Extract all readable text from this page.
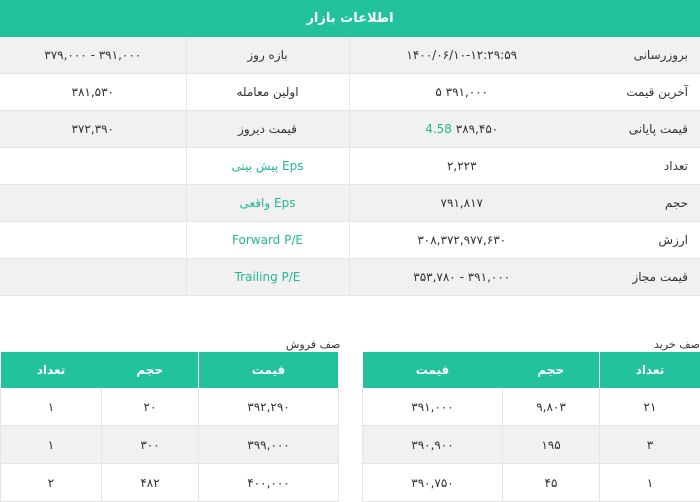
اطلاعات بازار
۳۹۱,۰۰۰ - ۳۷۹,۰۰۰	بازه روز	۱۴۰۰/۰۶/۱۰-۱۲:۲۹:۵۹	بروزرسانی
۳۸۱,۵۳۰	اولین معامله	۳۹۱,۰۰۰ ۵	آخرین قیمت
۳۷۲,۳۹۰	قیمت دیروز	۳۸۹,۴۵۰ 4.58	قیمت پایانی
	Eps پیش بینی	۲,۲۲۳	تعداد
	Eps واقعی	۷۹۱,۸۱۷	حجم
	Forward P/E	۳۰۸,۳۷۲,۹۷۷,۶۳۰	ارزش
	Trailing P/E	۳۹۱,۰۰۰ - ۳۵۳,۷۸۰	قیمت مجاز
صف فروش	صف خرید
تعداد	حجم	قیمت
۱	۲۰	۳۹۲,۲۹۰
۱	۳۰۰	۳۹۹,۰۰۰
۲	۴۸۲	۴۰۰,۰۰۰
قیمت	حجم	تعداد
۳۹۱,۰۰۰	۹,۸۰۳	۲۱
۳۹۰,۹۰۰	۱۹۵	۳
۳۹۰,۷۵۰	۴۵	۱
